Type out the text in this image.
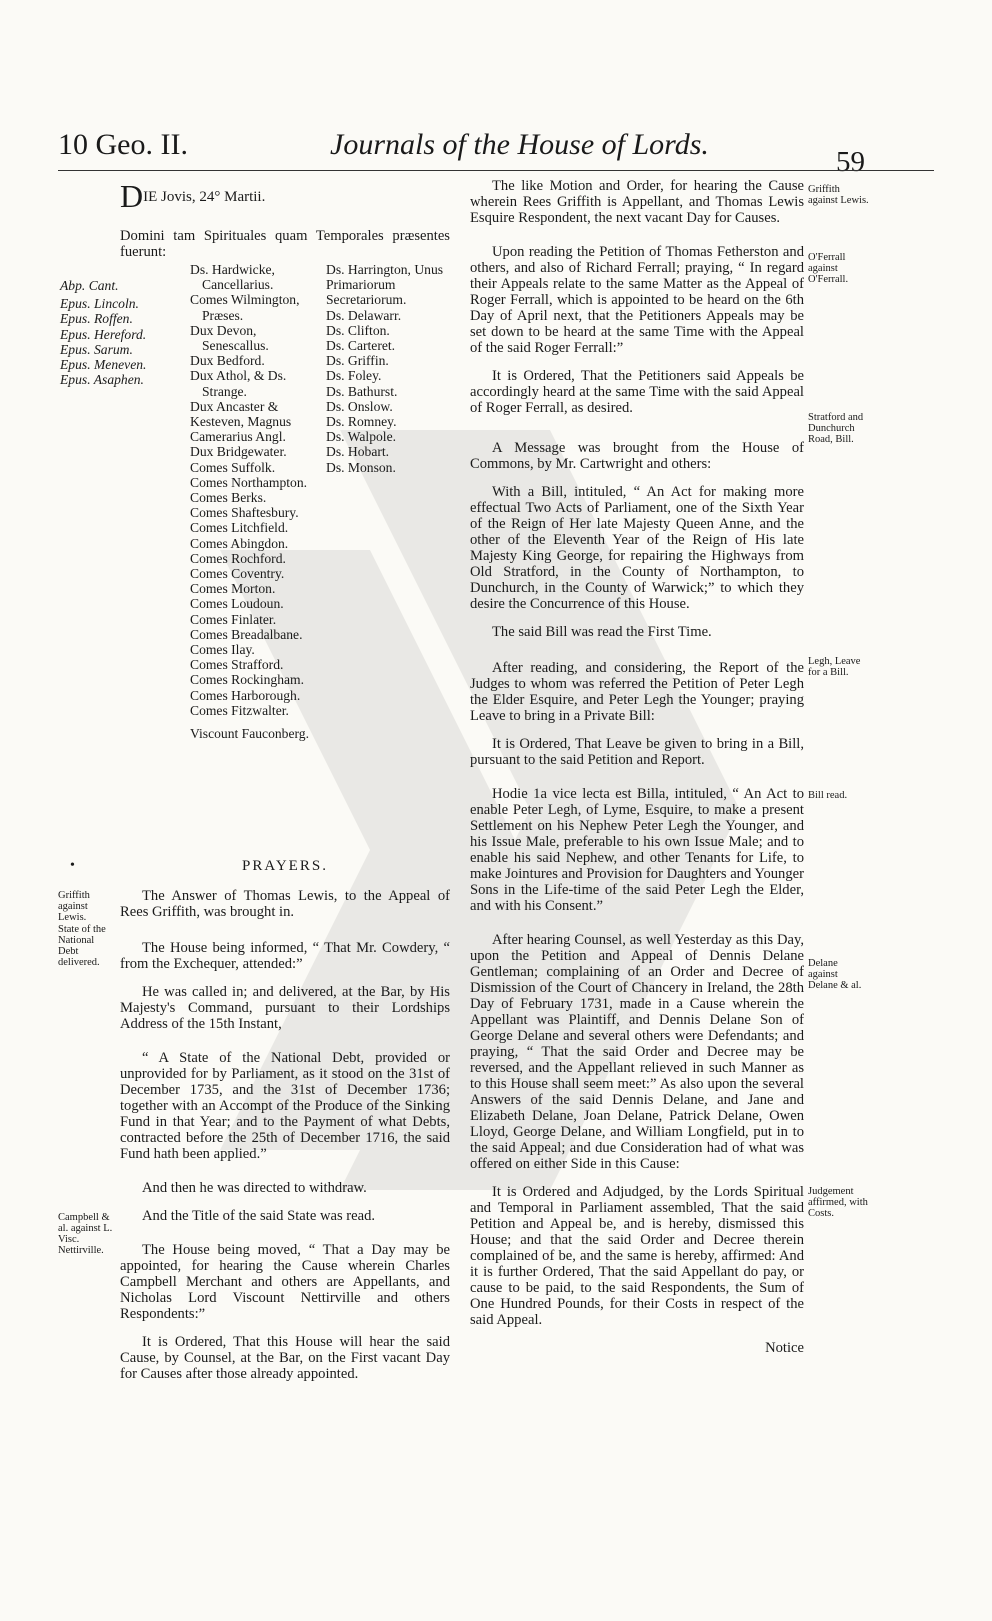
10 Geo. II.	Journals of the House of Lords.
59

DIE Jovis, 24° Martii.

Domini tam Spirituales quam Temporales præsentes fuerunt:

Abp. Cant.
Epus. Lincoln.
Epus. Roffen.
Epus. Hereford.
Epus. Sarum.
Epus. Meneven.
Epus. Asaphen.
Ds. Hardwicke,
Cancellarius.
Comes Wilmington,
Præses.
Dux Devon,
Senescallus.
Dux Bedford.
Dux Athol, & Ds.
Strange.
Dux Ancaster & Kesteven, Magnus Camerarius Angl.
Dux Bridgewater.
Comes Suffolk.
Comes Northampton.
Comes Berks.
Comes Shaftesbury.
Comes Litchfield.
Comes Abingdon.
Comes Rochford.
Comes Coventry.
Comes Morton.
Comes Loudoun.
Comes Finlater.
Comes Breadalbane.
Comes Ilay.
Comes Strafford.
Comes Rockingham.
Comes Harborough.
Comes Fitzwalter.
Viscount Fauconberg.
Ds. Harrington, Unus Primariorum Secretariorum.
Ds. Delawarr.
Ds. Clifton.
Ds. Carteret.
Ds. Griffin.
Ds. Foley.
Ds. Bathurst.
Ds. Onslow.
Ds. Romney.
Ds. Walpole.
Ds. Hobart.
Ds. Monson.
•	PRAYERS.

The Answer of Thomas Lewis, to the Appeal of Rees Griffith, was brought in.

The House being informed, “ That Mr. Cowdery, “ from the Exchequer, attended:”

He was called in; and delivered, at the Bar, by His Majesty's Command, pursuant to their Lordships Address of the 15th Instant,

“ A State of the National Debt, provided or unprovided for by Parliament, as it stood on the 31st of December 1735, and the 31st of December 1736; together with an Accompt of the Produce of the Sinking Fund in that Year; and to the Payment of what Debts, contracted before the 25th of December 1716, the said Fund hath been applied.”

And then he was directed to withdraw.

And the Title of the said State was read.

The House being moved, “ That a Day may be appointed, for hearing the Cause wherein Charles Campbell Merchant and others are Appellants, and Nicholas Lord Viscount Nettirville and others Respondents:”

It is Ordered, That this House will hear the said Cause, by Counsel, at the Bar, on the First vacant Day for Causes after those already appointed.

Griffith against Lewis.
State of the National Debt delivered.
Campbell & al. against L. Visc. Nettirville.

The like Motion and Order, for hearing the Cause wherein Rees Griffith is Appellant, and Thomas Lewis Esquire Respondent, the next vacant Day for Causes.

Upon reading the Petition of Thomas Fetherston and others, and also of Richard Ferrall; praying, “ In regard their Appeals relate to the same Matter as the Appeal of Roger Ferrall, which is appointed to be heard on the 6th Day of April next, that the Petitioners Appeals may be set down to be heard at the same Time with the Appeal of the said Roger Ferrall:”

It is Ordered, That the Petitioners said Appeals be accordingly heard at the same Time with the said Appeal of Roger Ferrall, as desired.

A Message was brought from the House of Commons, by Mr. Cartwright and others:

With a Bill, intituled, “ An Act for making more effectual Two Acts of Parliament, one of the Sixth Year of the Reign of Her late Majesty Queen Anne, and the other of the Eleventh Year of the Reign of His late Majesty King George, for repairing the Highways from Old Stratford, in the County of Northampton, to Dunchurch, in the County of Warwick;” to which they desire the Concurrence of this House.

The said Bill was read the First Time.

After reading, and considering, the Report of the Judges to whom was referred the Petition of Peter Legh the Elder Esquire, and Peter Legh the Younger; praying Leave to bring in a Private Bill:

It is Ordered, That Leave be given to bring in a Bill, pursuant to the said Petition and Report.

Hodie 1a vice lecta est Billa, intituled, “ An Act to enable Peter Legh, of Lyme, Esquire, to make a present Settlement on his Nephew Peter Legh the Younger, and his Issue Male, preferable to his own Issue Male; and to enable his said Nephew, and other Tenants for Life, to make Jointures and Provision for Daughters and Younger Sons in the Life-time of the said Peter Legh the Elder, and with his Consent.”

After hearing Counsel, as well Yesterday as this Day, upon the Petition and Appeal of Dennis Delane Gentleman; complaining of an Order and Decree of Dismission of the Court of Chancery in Ireland, the 28th Day of February 1731, made in a Cause wherein the Appellant was Plaintiff, and Dennis Delane Son of George Delane and several others were Defendants; and praying, “ That the said Order and Decree may be reversed, and the Appellant relieved in such Manner as to this House shall seem meet:” As also upon the several Answers of the said Dennis Delane, and Jane and Elizabeth Delane, Joan Delane, Patrick Delane, Owen Lloyd, George Delane, and William Longfield, put in to the said Appeal; and due Consideration had of what was offered on either Side in this Cause:

It is Ordered and Adjudged, by the Lords Spiritual and Temporal in Parliament assembled, That the said Petition and Appeal be, and is hereby, dismissed this House; and that the said Order and Decree therein complained of be, and the same is hereby, affirmed: And it is further Ordered, That the said Appellant do pay, or cause to be paid, to the said Respondents, the Sum of One Hundred Pounds, for their Costs in respect of the said Appeal.

Notice

Griffith against Lewis.
O'Ferrall against O'Ferrall.
Stratford and Dunchurch Road, Bill.
Legh, Leave for a Bill.
Bill read.
Delane against Delane & al.
Judgement affirmed, with Costs.
